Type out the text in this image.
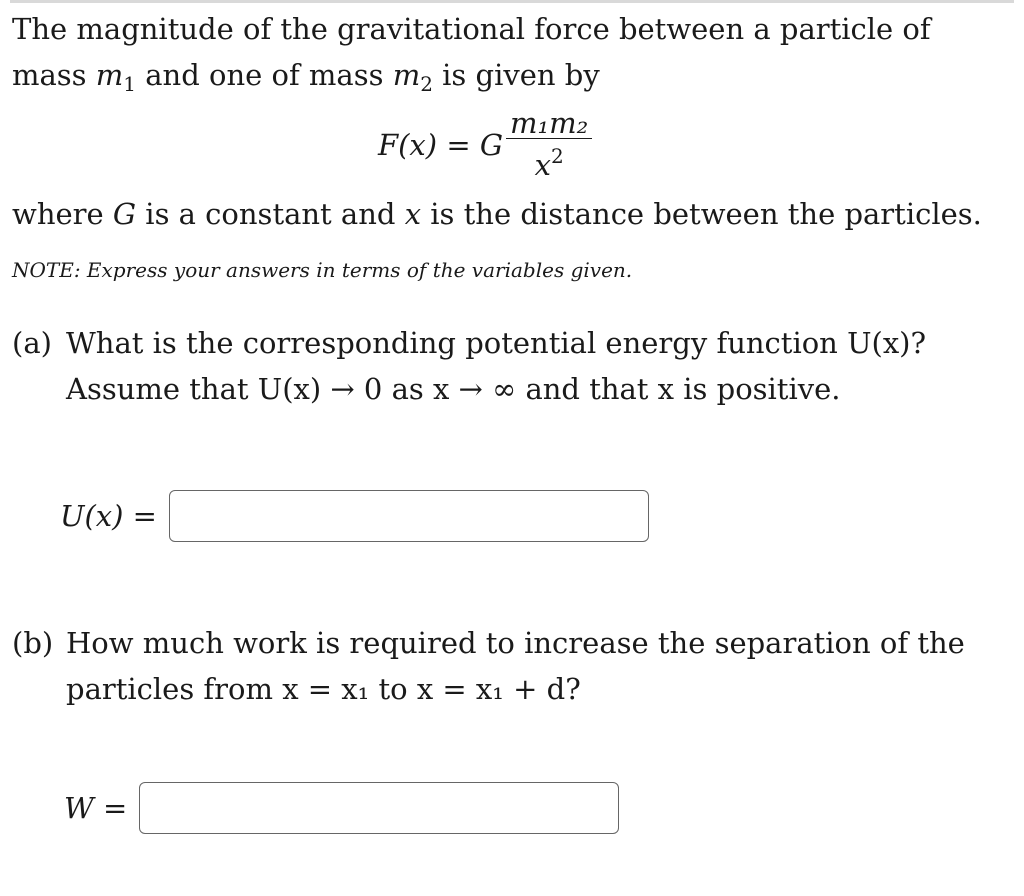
The magnitude of the gravitational force between a particle of mass $m_1$ and one of mass $m_2$ is given by
F(x) = G $\frac{\text{m₁m₂}}{x^2}$
where G is a constant and x is the distance between the particles.
NOTE: Express your answers in terms of the variables given.
(a) What is the corresponding potential energy function U(x)?
Assume that U(x) → 0 as x → ∞ and that x is positive.
U(x) =
(b) How much work is required to increase the separation of the
particles from x = x₁ to x = x₁ + d?
W =
